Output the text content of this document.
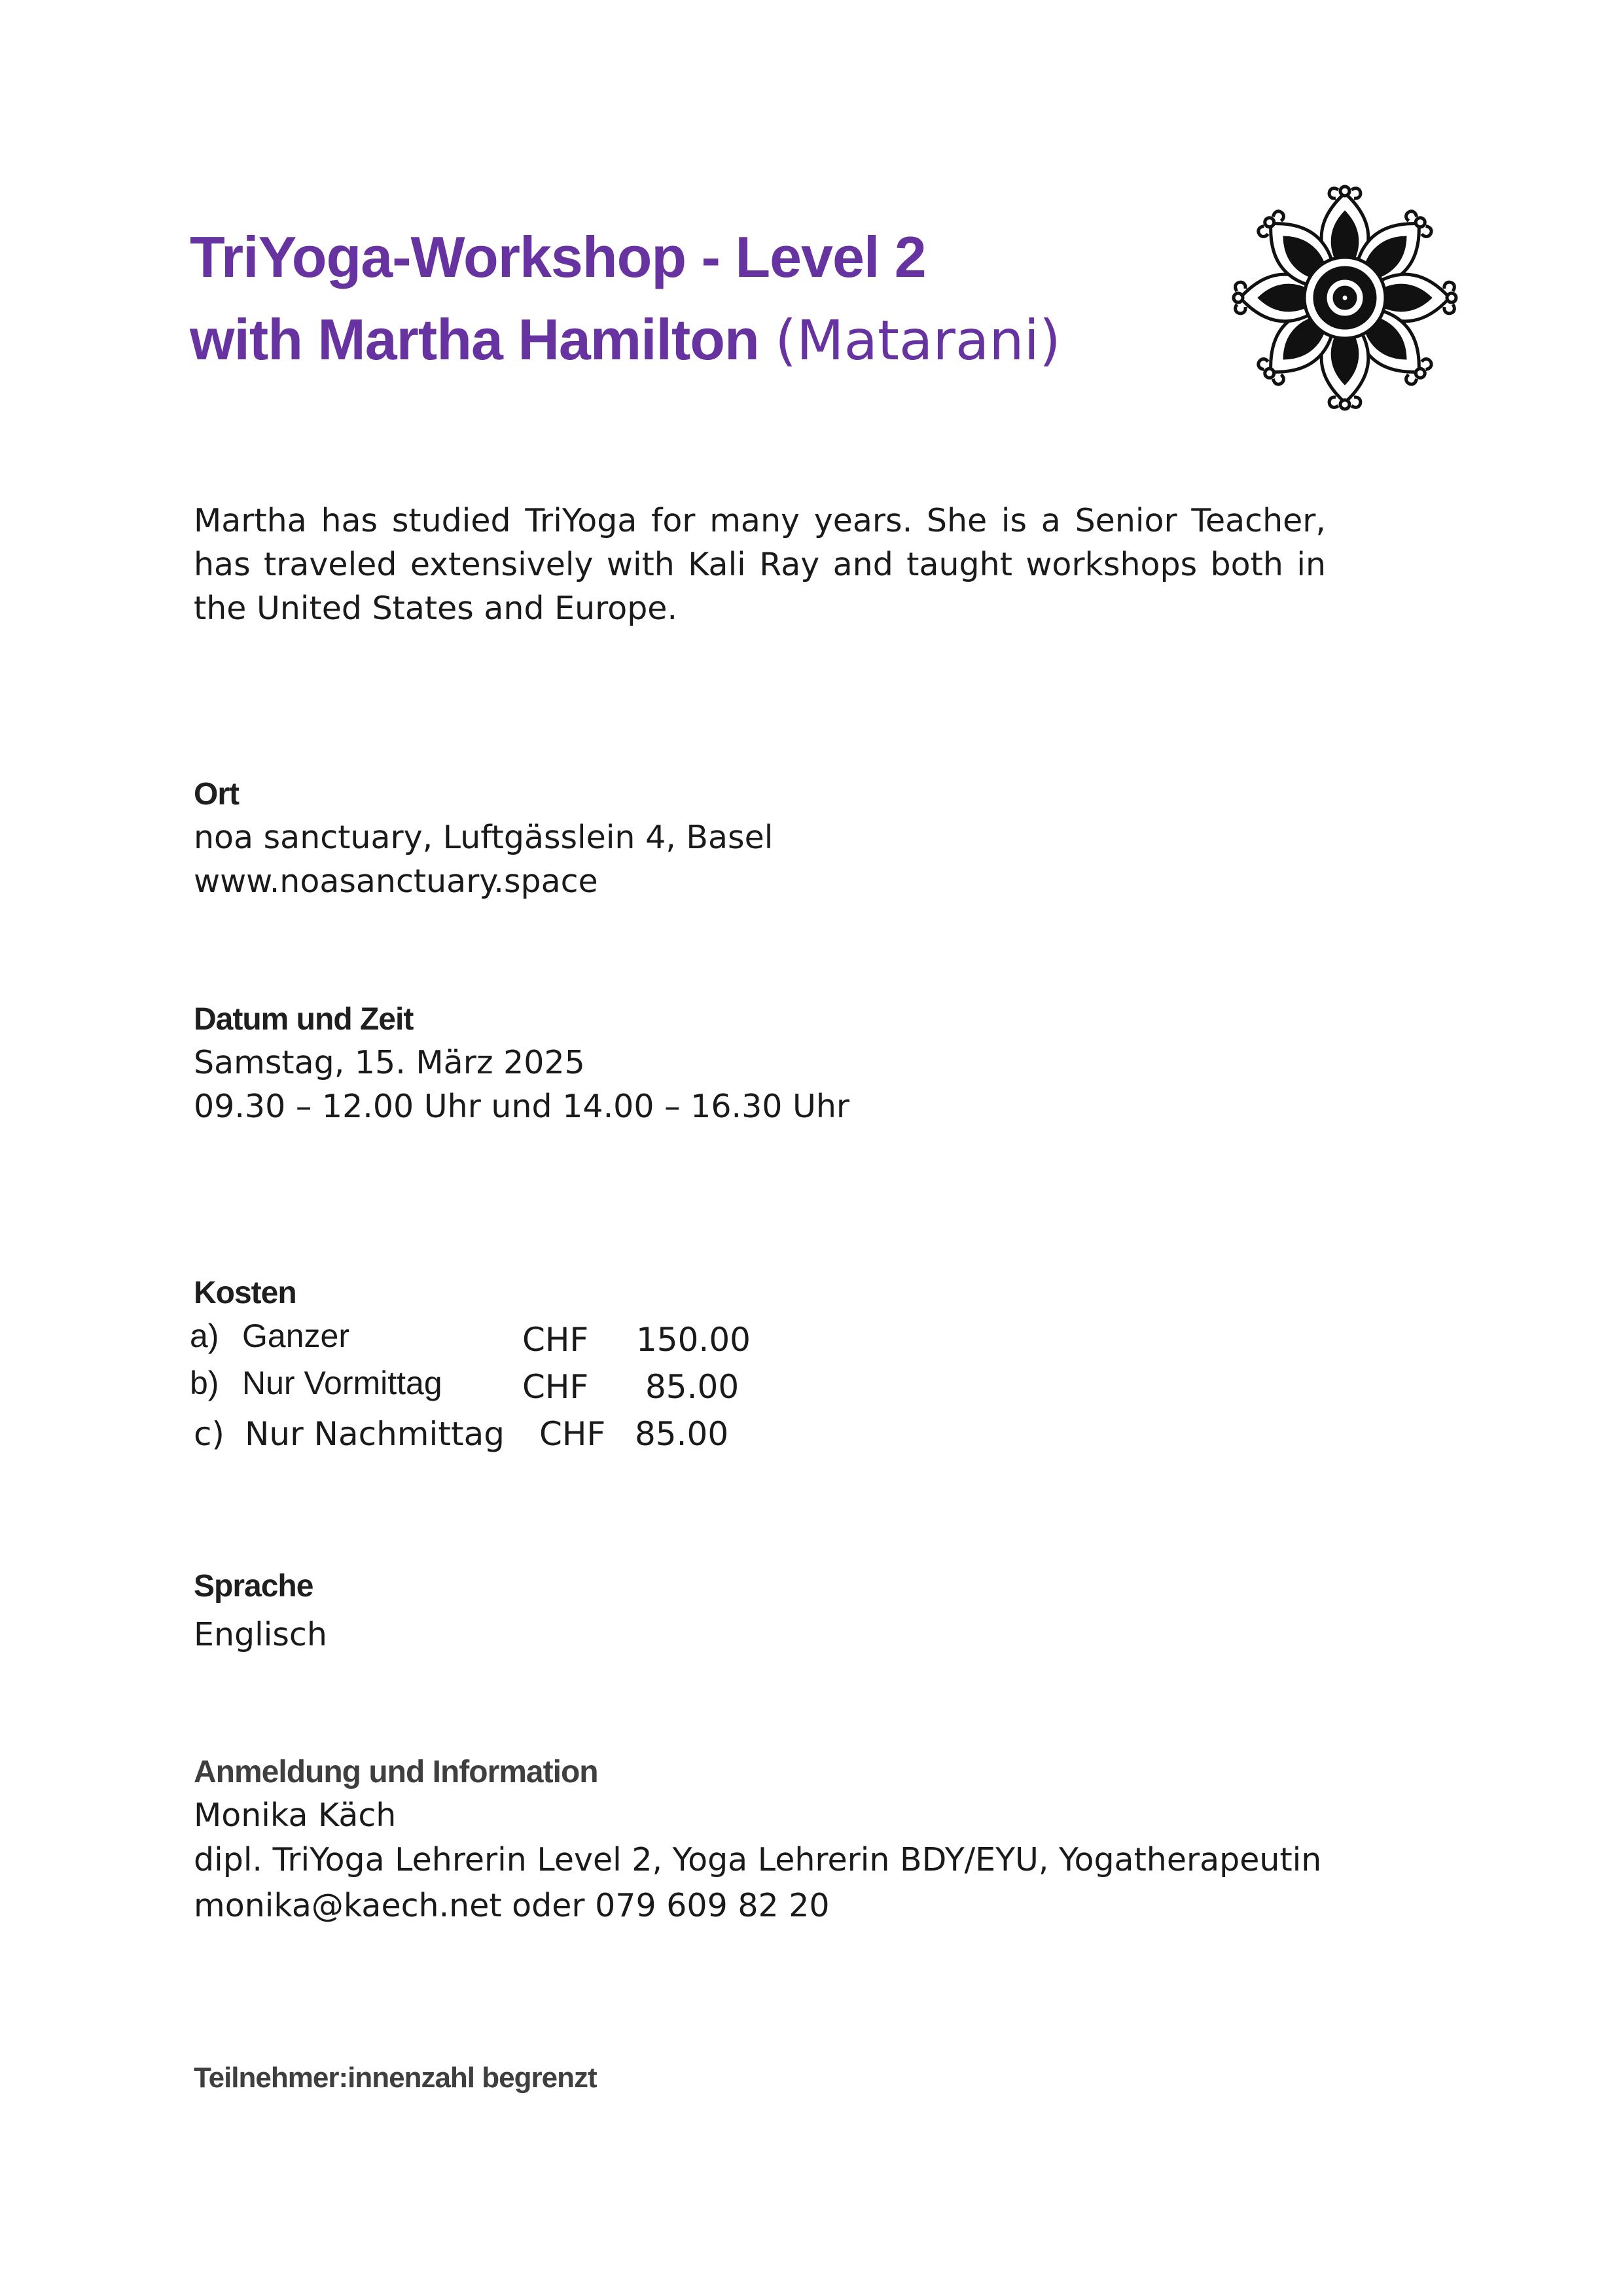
TriYoga-Workshop - Level 2
with Martha Hamilton (Matarani)

Martha has studied TriYoga for many years. She is a Senior Teacher, has traveled extensively with Kali Ray and taught workshops both in the United States and Europe.

Ort

noa sanctuary, Luftgässlein 4, Basel

www.noasanctuary.space

Datum und Zeit

Samstag, 15. März 2025

09.30 – 12.00 Uhr und 14.00 – 16.30 Uhr

Kosten

a) Ganzer	CHF 150.00
b) Nur Vormittag CHF 85.00
c) Nur Nachmittag CHF 85.00

Sprache

Englisch

Anmeldung und Information

Monika Käch

dipl. TriYoga Lehrerin Level 2, Yoga Lehrerin BDY/EYU, Yogatherapeutin

monika@kaech.net oder 079 609 82 20

Teilnehmer:innenzahl begrenzt
